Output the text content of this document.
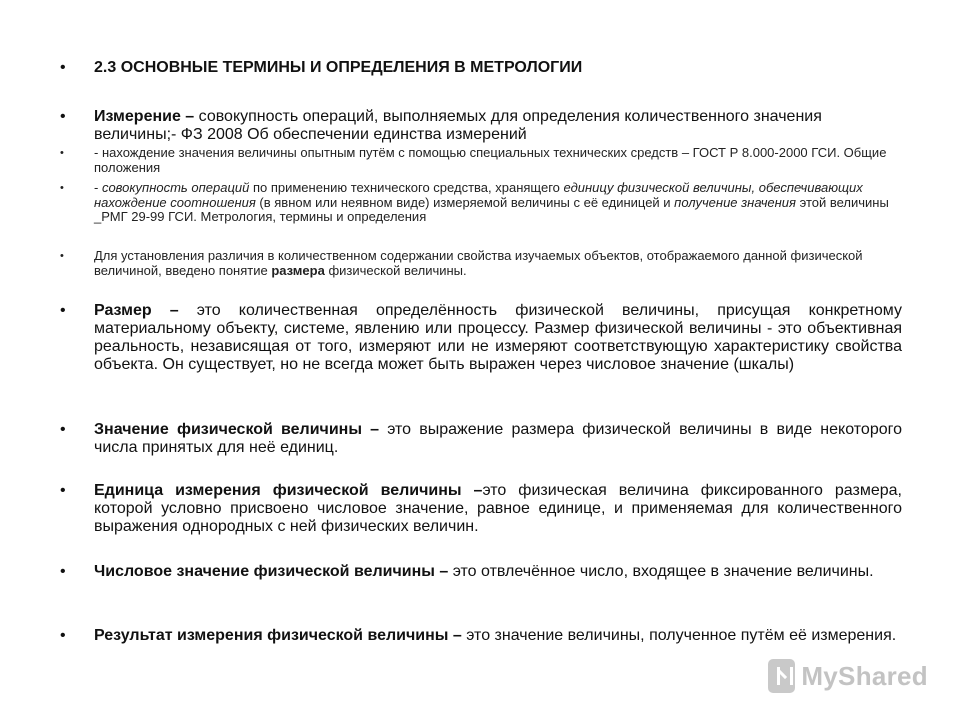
•	2.3 ОСНОВНЫЕ ТЕРМИНЫ И ОПРЕДЕЛЕНИЯ В МЕТРОЛОГИИ
•	Измерение – совокупность операций, выполняемых для определения количественного значения величины;- ФЗ 2008 Об обеспечении единства измерений
•	- нахождение значения величины опытным путём с помощью специальных технических средств – ГОСТ Р 8.000-2000 ГСИ. Общие положения
•	- совокупность операций по применению технического средства, хранящего единицу физической величины, обеспечивающих нахождение соотношения (в явном или неявном виде) измеряемой величины с её единицей и получение значения этой величины _РМГ 29-99 ГСИ. Метрология, термины и определения
•	Для установления различия в количественном содержании свойства изучаемых объектов, отображаемого данной физической величиной, введено понятие размера физической величины.
•	Размер – это количественная определённость физической величины, присущая конкретному материальному объекту, системе, явлению или процессу. Размер физической величины - это объективная реальность, независящая от того, измеряют или не измеряют соответствующую характеристику свойства объекта. Он существует, но не всегда может быть выражен через числовое значение (шкалы)
•	Значение физической величины – это выражение размера физической величины в виде некоторого числа принятых для неё единиц.
•	Единица измерения физической величины –это физическая величина фиксированного размера, которой условно присвоено числовое значение, равное единице, и применяемая для количественного выражения однородных с ней физических величин.
•	Числовое значение физической величины – это отвлечённое число, входящее в значение величины.
•	Результат измерения физической величины – это значение величины, полученное путём её измерения.
MyShared
